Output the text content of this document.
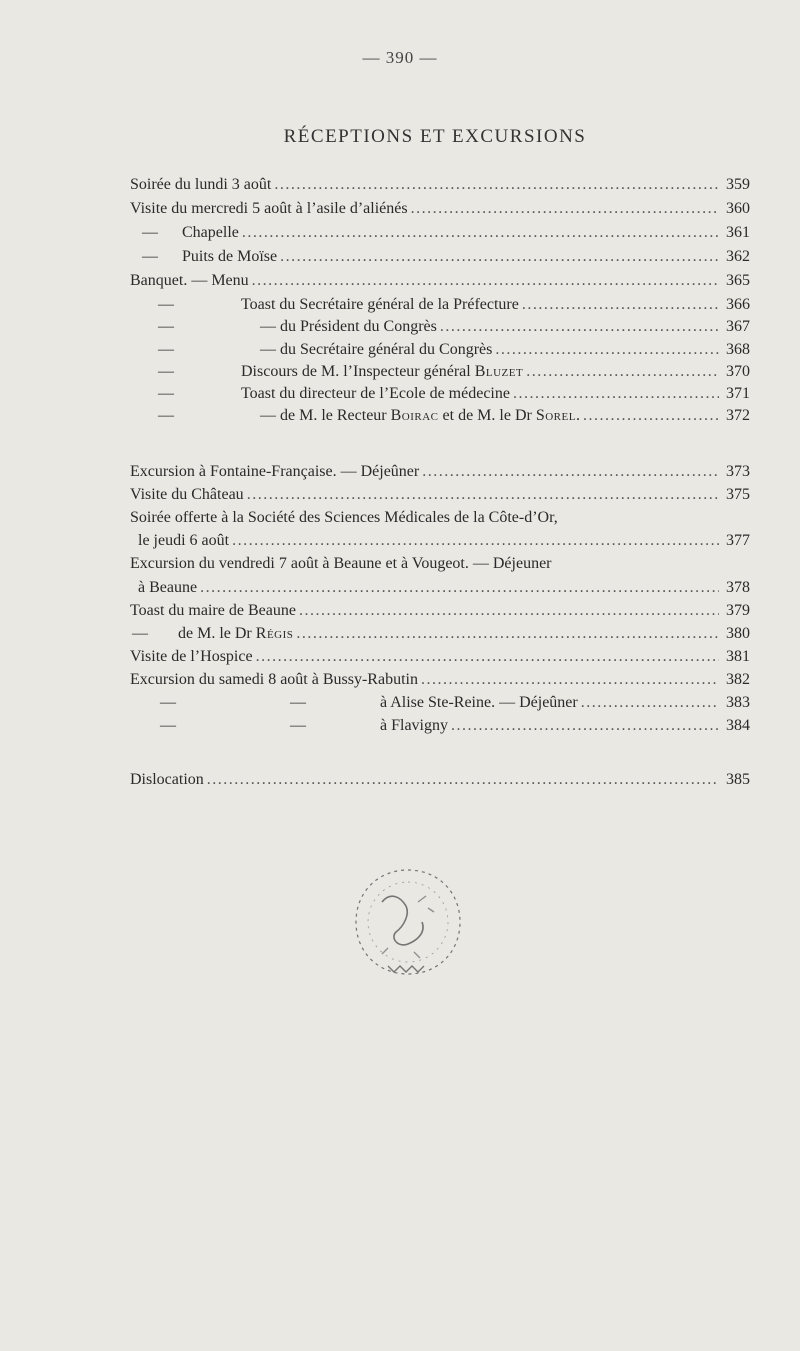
— 390 —
RÉCEPTIONS ET EXCURSIONS
Soirée du lundi 3 août .....	359
Visite du mercredi 5 août à l’asile d’aliénés .....	360
—	Chapelle .....	361
—	Puits de Moïse .....	362
Banquet. — Menu .....	365
—	Toast du Secrétaire général de la Préfecture .....	366
—	— du Président du Congrès .....	367
—	— du Secrétaire général du Congrès .....	368
—	Discours de M. l’Inspecteur général Bluzet .....	370
—	Toast du directeur de l’Ecole de médecine .....	371
—	— de M. le Recteur Boirac et de M. le Dr Sorel. .....	372
Excursion à Fontaine-Française. — Déjeûner .....	373
Visite du Château .....	375
Soirée offerte à la Société des Sciences Médicales de la Côte-d’Or,
le jeudi 6 août .....	377
Excursion du vendredi 7 août à Beaune et à Vougeot. — Déjeuner
à Beaune .....	378
Toast du maire de Beaune .....	379
—	de M. le Dr Régis .....	380
Visite de l’Hospice .....	381
Excursion du samedi 8 août à Bussy-Rabutin .....	382
— —	à Alise Ste-Reine. — Déjeûner .....	383
— —	à Flavigny .....	384
Dislocation .....	385
